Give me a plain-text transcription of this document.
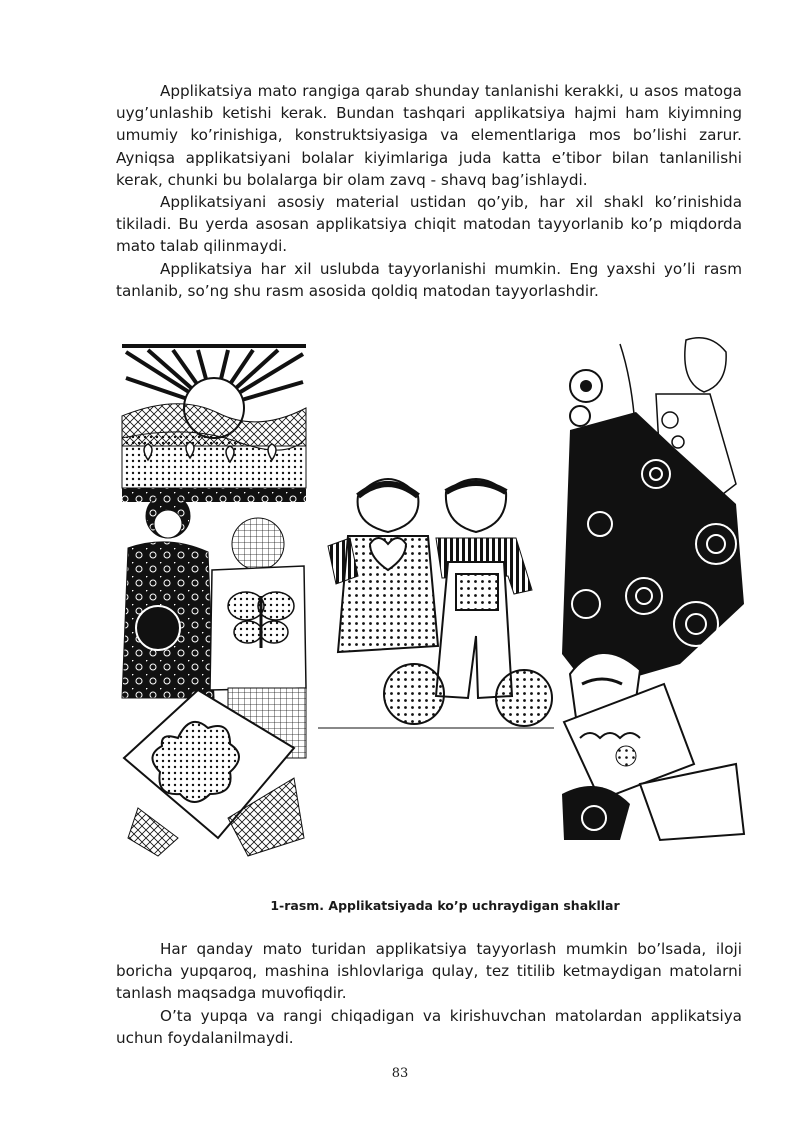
Applikatsiya mato rangiga qarab shunday tanlanishi kerakki, u asos matoga uyg’unlashib ketishi kerak. Bundan tashqari applikatsiya hajmi ham kiyimning umumiy ko’rinishiga, konstruktsiyasiga va elementlariga mos bo’lishi zarur. Ayniqsa applikatsiyani bolalar kiyimlariga juda katta e’tibor bilan tanlanilishi kerak, chunki bu bolalarga bir olam zavq - shavq bag’ishlaydi.

Applikatsiyani asosiy material ustidan qo’yib, har xil shakl ko’rinishida tikiladi. Bu yerda asosan applikatsiya chiqit matodan tayyorlanib ko’p miqdorda mato talab qilinmaydi.

Applikatsiya har xil uslubda tayyorlanishi mumkin. Eng yaxshi yo’li rasm tanlanib, so’ng shu rasm asosida qoldiq matodan tayyorlashdir.

1-rasm. Applikatsiyada ko’p uchraydigan shakllar

Har qanday mato turidan applikatsiya tayyorlash mumkin bo’lsada, iloji boricha yupqaroq, mashina ishlovlariga qulay, tez titilib ketmaydigan matolarni tanlash maqsadga muvofiqdir.

O’ta yupqa va rangi chiqadigan va kirishuvchan matolardan applikatsiya uchun foydalanilmaydi.

83
